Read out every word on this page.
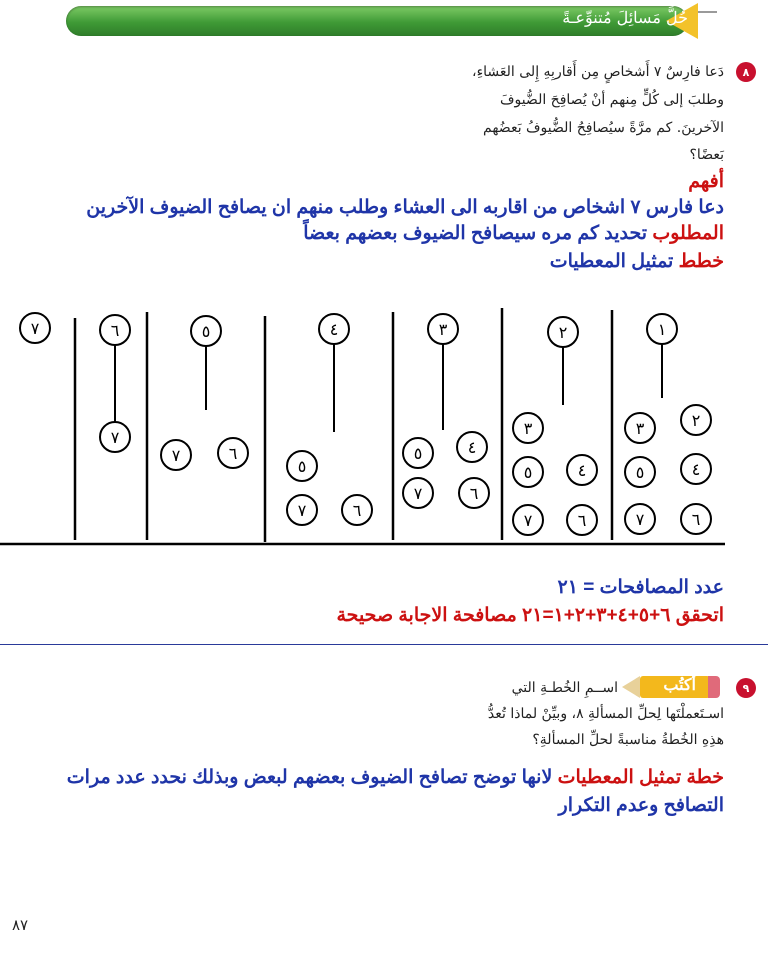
حُلَّ مَسائِلَ مُتنوِّعـةً
٨
دَعا فارِسٌ ٧ أَشخاصٍ مِن أَقاربِهِ إِلى العَشاءِ،
وطلبَ إلى كُلٍّ مِنهم أنْ يُصافِحَ الضُّيوفَ
الآخرينَ. كم مرَّةً سيُصافِحُ الضُّيوفُ بَعضُهم
بَعضًا؟
أفهم
دعا فارس ٧ اشخاص من اقاربه الى العشاء وطلب منهم ان يصافح الضيوف الآخرين
المطلوب تحديد كم مره سيصافح الضيوف بعضهم بعضاً
خطط تمثيل المعطيات
١
٢
٣
٤
٥
٦
٧
٢
٣
٤
٥
٦
٧
٣
٤
٥
٦
٧
٤
٥
٦
٧
٥
٦
٧
٦
٧
٧
عدد المصافحات = ٢١
اتحقق ٦+٥+٤+٣+٢+١=٢١ مصافحة الاجابة صحيحة
٩
أكتُب
اســمِ الخُطـةِ التي
اسـتَعملْتَها لِحلِّ المسألةِ ٨، وبيِّنْ لماذا تُعدُّ
هذِهِ الخُطةُ مناسبةً لحلِّ المسألةِ؟
خطة تمثيل المعطيات لانها توضح تصافح الضيوف بعضهم لبعض وبذلك نحدد عدد مرات
التصافح وعدم التكرار
٨٧
